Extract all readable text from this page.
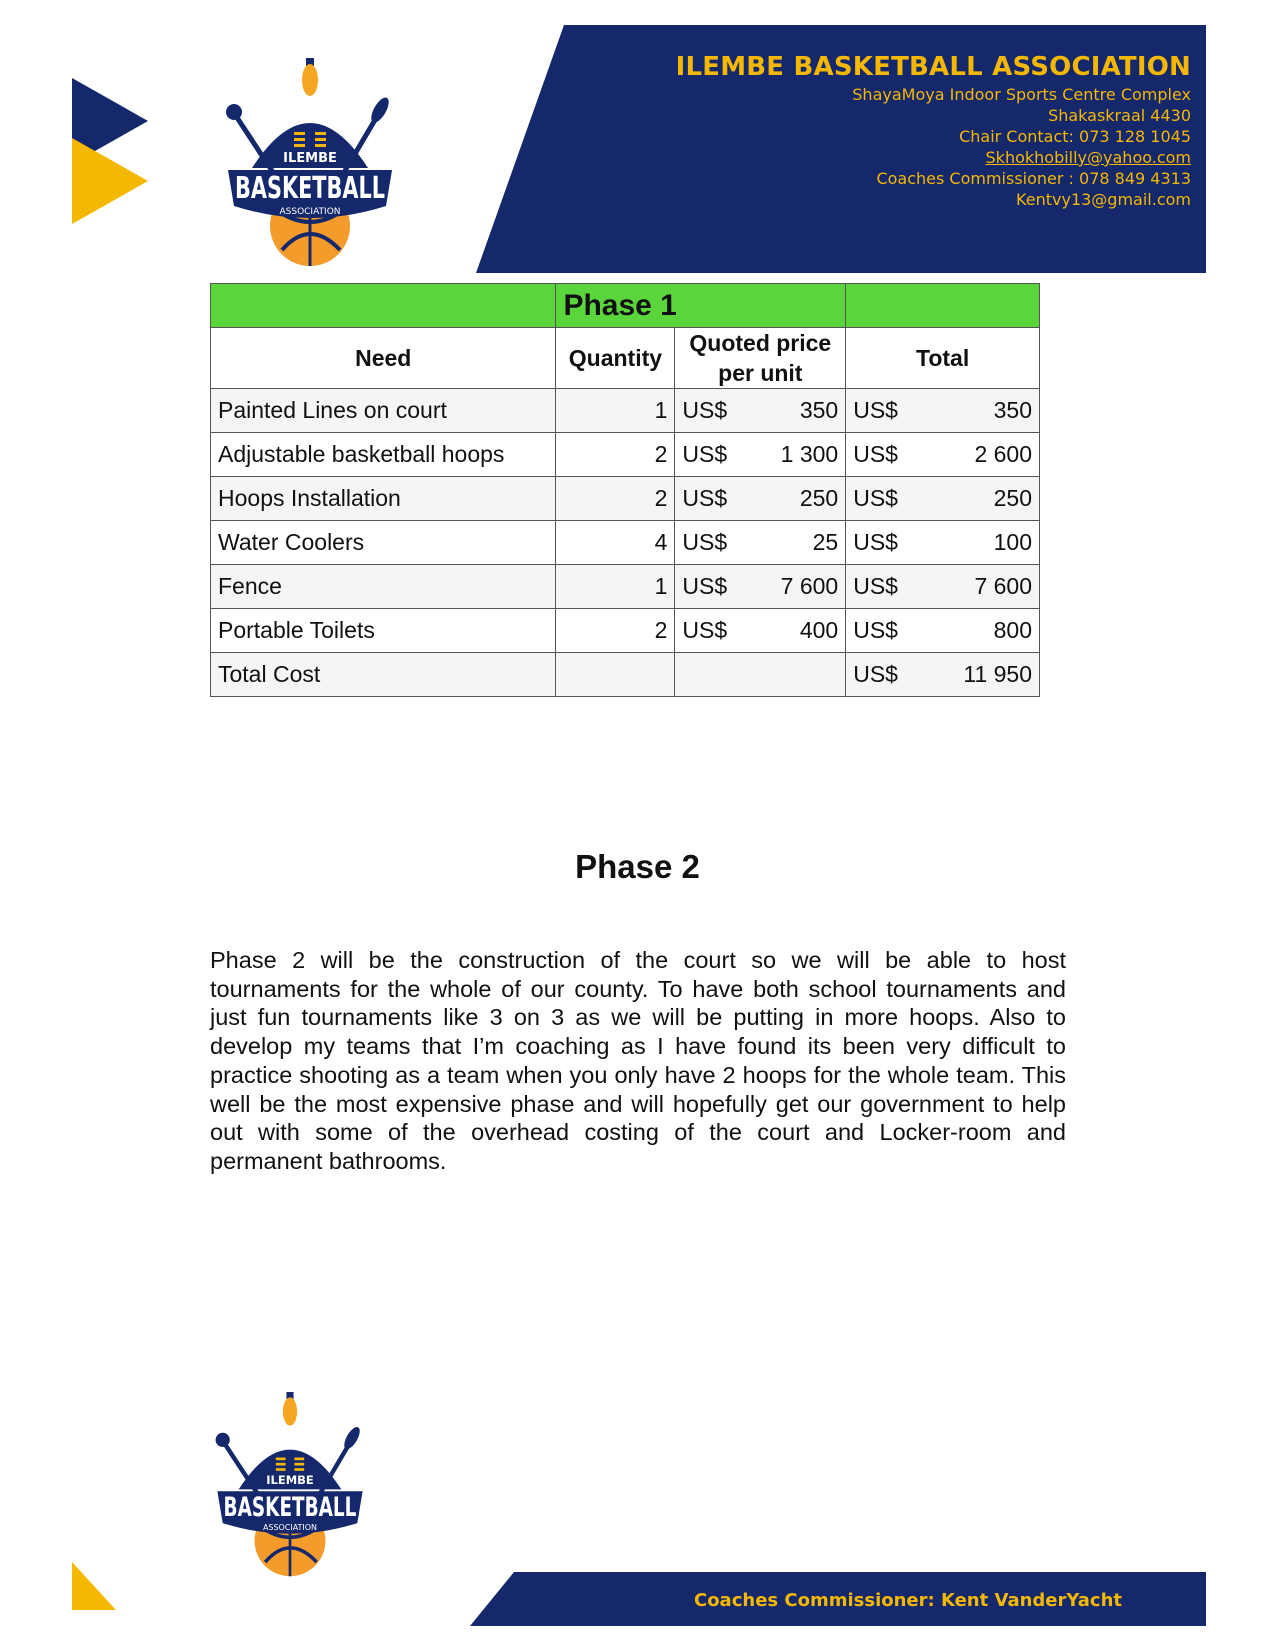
ILEMBE BASKETBALL ASSOCIATION
ShayaMoya Indoor Sports Centre Complex
Shakaskraal 4430
Chair Contact: 073 128 1045
Skhokhobilly@yahoo.com
Coaches Commissioner : 078 849 4313
Kentvy13@gmail.com
ILEMBE
BASKETBALL
ASSOCIATION
	Phase 1		
Need	Quantity	Quoted price per unit	Total
Painted Lines on court	1	US$ 350	US$ 350

Adjustable basketball hoops	2	US$ 1 300	US$ 2 600

Hoops Installation	2	US$ 250	US$ 250

Water Coolers	4	US$ 25	US$ 100

Fence	1	US$ 7 600	US$ 7 600

Portable Toilets	2	US$ 400	US$ 800

Total Cost			US$ 11 950
Phase 2
Phase 2 will be the construction of the court so we will be able to host tournaments for the whole of our county. To have both school tournaments and just fun tournaments like 3 on 3 as we will be putting in more hoops. Also to develop my teams that I’m coaching as I have found its been very difficult to practice shooting as a team when you only have 2 hoops for the whole team. This well be the most expensive phase and will hopefully get our government to help out with some of the overhead costing of the court and Locker-room and permanent bathrooms.
ILEMBE
BASKETBALL
ASSOCIATION
Coaches Commissioner: Kent VanderYacht
